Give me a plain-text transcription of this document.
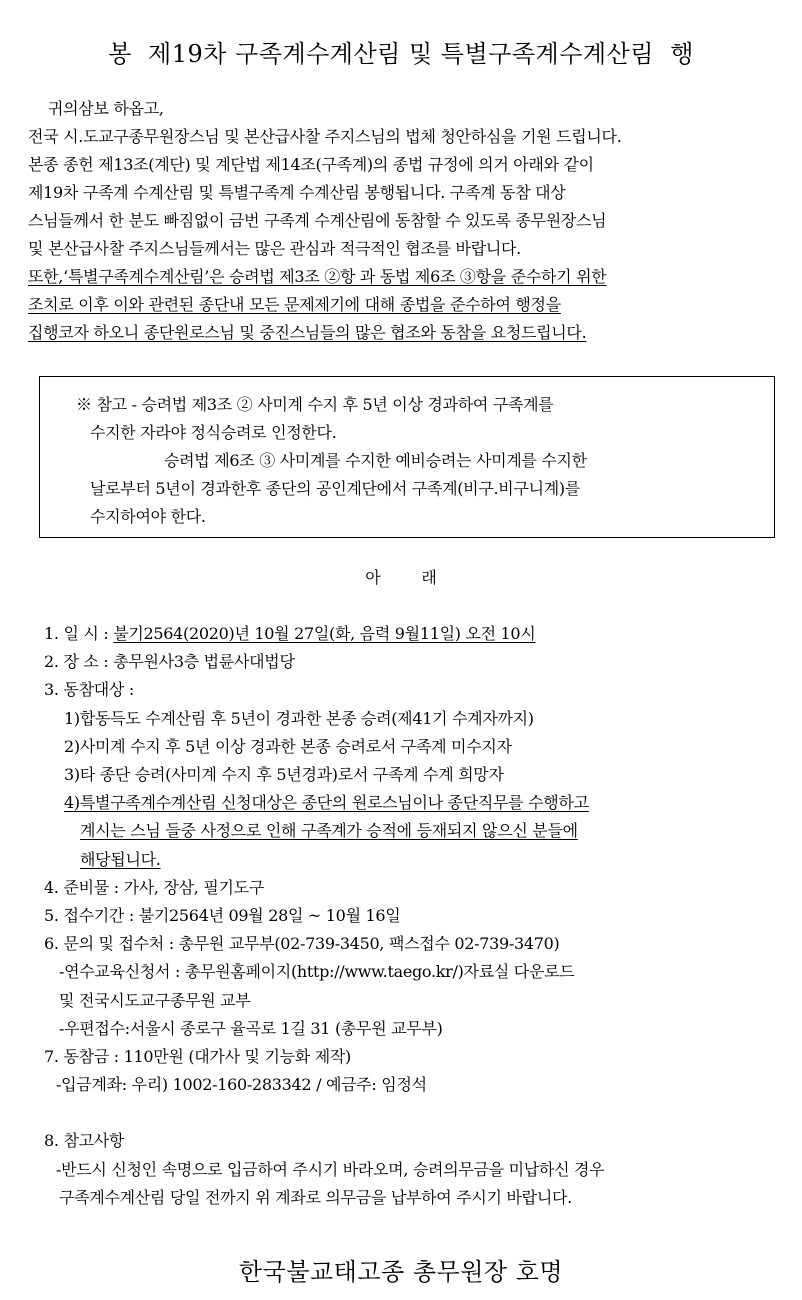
봉  제19차 구족계수계산림 및 특별구족계수계산림  행
귀의삼보 하옵고,
전국 시.도교구종무원장스님 및 본산급사찰 주지스님의 법체 청안하심을 기원 드립니다.
본종 종헌 제13조(계단) 및 계단법 제14조(구족계)의 종법 규정에 의거 아래와 같이
제19차 구족계 수계산림 및 특별구족계 수계산림 봉행됩니다. 구족계 동참 대상
스님들께서 한 분도 빠짐없이 금번 구족계 수계산림에 동참할 수 있도록 종무원장스님
및 본산급사찰 주지스님들께서는 많은 관심과 적극적인 협조를 바랍니다.
또한,‘특별구족계수계산림’은 승려법 제3조 ②항 과 동법 제6조 ③항을 준수하기 위한
조치로 이후 이와 관련된 종단내 모든 문제제기에 대해 종법을 준수하여 행정을
집행코자 하오니 종단원로스님 및 중진스님들의 많은 협조와 동참을 요청드립니다.
※ 참고 - 승려법 제3조 ② 사미계 수지 후 5년 이상 경과하여 구족계를
수지한 자라야 정식승려로 인정한다.
승려법 제6조 ③ 사미계를 수지한 예비승려는 사미계를 수지한
날로부터 5년이 경과한후 종단의 공인계단에서 구족계(비구.비구니계)를
수지하여야 한다.
아        래
1. 일 시 : 불기2564(2020)년 10월 27일(화, 음력 9월11일) 오전 10시
2. 장 소 : 총무원사3층 법륜사대법당
3. 동참대상 :
1)합동득도 수계산림 후 5년이 경과한 본종 승려(제41기 수계자까지)
2)사미계 수지 후 5년 이상 경과한 본종 승려로서 구족계 미수지자
3)타 종단 승려(사미계 수지 후 5년경과)로서 구족계 수계 희망자
4)특별구족계수계산림 신청대상은 종단의 원로스님이나 종단직무를 수행하고
계시는 스님 들중 사정으로 인해 구족계가 승적에 등재되지 않으신 분들에
해당됩니다.
4. 준비물 : 가사, 장삼, 필기도구
5. 접수기간 : 불기2564년 09월 28일 ~ 10월 16일
6. 문의 및 접수처 : 총무원 교무부(02-739-3450, 팩스접수 02-739-3470)
-연수교육신청서 : 총무원홈페이지(http://www.taego.kr/)자료실 다운로드
및 전국시도교구종무원 교부
-우편접수:서울시 종로구 율곡로 1길 31 (총무원 교무부)
7. 동참금 : 110만원 (대가사 및 기능화 제작)
-입금계좌: 우리) 1002-160-283342 / 예금주: 임정석
8. 참고사항
-반드시 신청인 속명으로 입금하여 주시기 바라오며, 승려의무금을 미납하신 경우
구족계수계산림 당일 전까지 위 계좌로 의무금을 납부하여 주시기 바랍니다.
한국불교태고종 총무원장 호명
